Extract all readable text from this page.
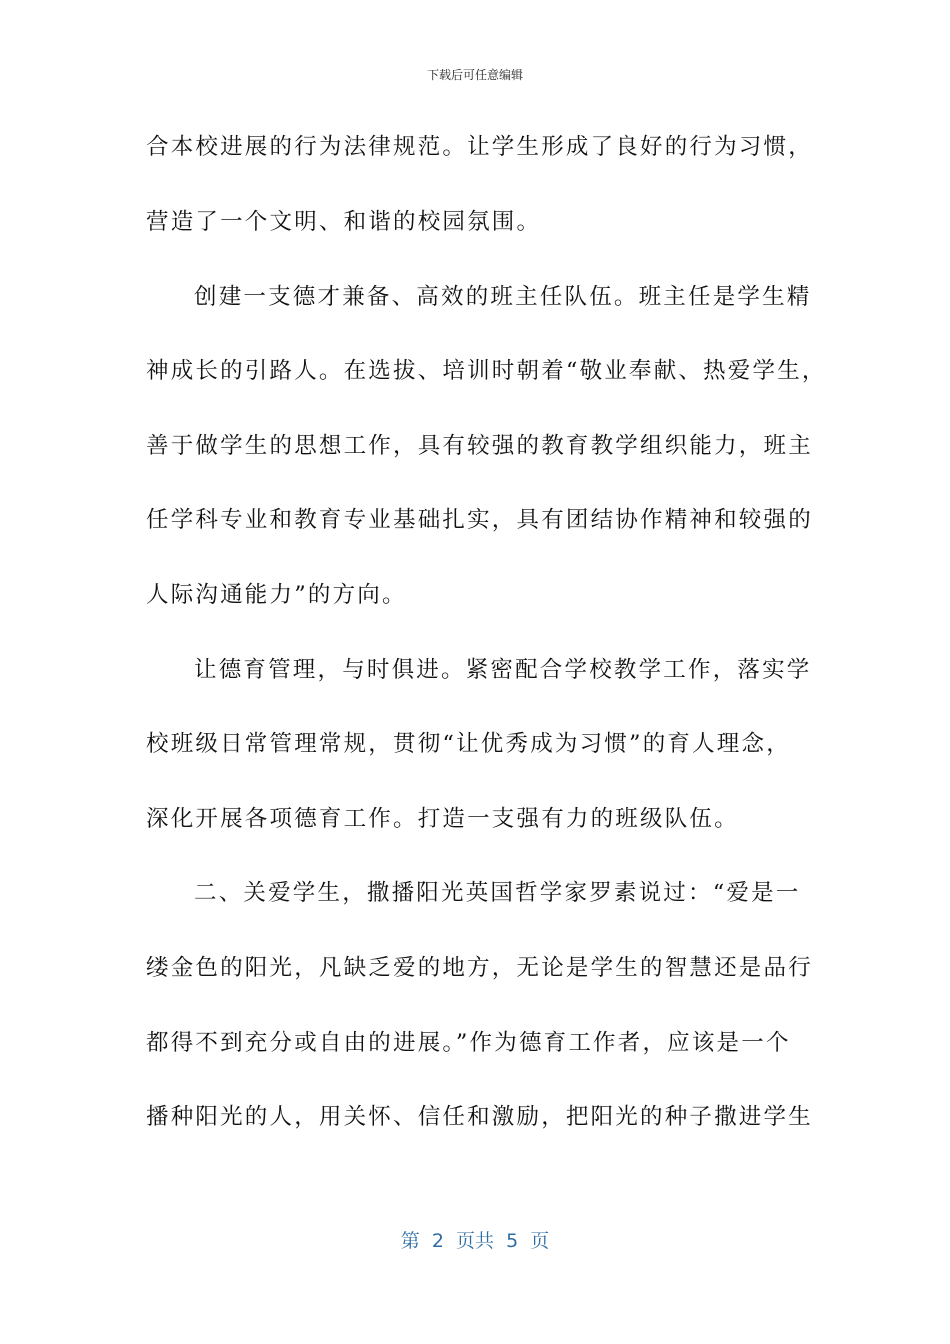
下载后可任意编辑
合本校进展的行为法律规范。让学生形成了良好的行为习惯，
营造了一个文明、和谐的校园氛围。
创建一支德才兼备、高效的班主任队伍。班主任是学生精
神成长的引路人。在选拔、培训时朝着“敬业奉献、热爱学生，
善于做学生的思想工作，具有较强的教育教学组织能力，班主
任学科专业和教育专业基础扎实，具有团结协作精神和较强的
人际沟通能力”的方向。
让德育管理，与时俱进。紧密配合学校教学工作，落实学
校班级日常管理常规，贯彻“让优秀成为习惯”的育人理念，
深化开展各项德育工作。打造一支强有力的班级队伍。
二、关爱学生，撒播阳光英国哲学家罗素说过：“爱是一
缕金色的阳光，凡缺乏爱的地方，无论是学生的智慧还是品行
都得不到充分或自由的进展。”作为德育工作者，应该是一个
播种阳光的人，用关怀、信任和激励，把阳光的种子撒进学生
第  2  页共  5  页
